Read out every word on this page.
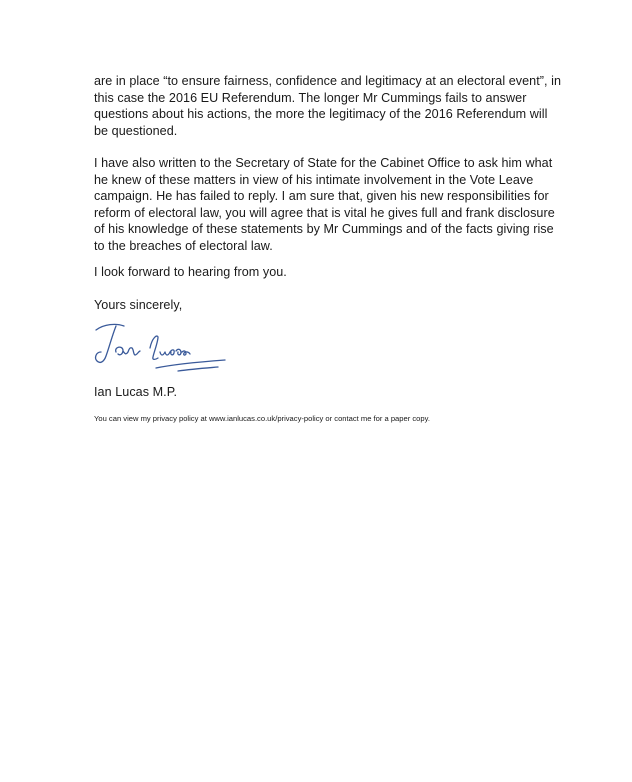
are in place “to ensure fairness, confidence and legitimacy at an electoral event”, in this case the 2016 EU Referendum. The longer Mr Cummings fails to answer questions about his actions, the more the legitimacy of the 2016 Referendum will be questioned.

I have also written to the Secretary of State for the Cabinet Office to ask him what he knew of these matters in view of his intimate involvement in the Vote Leave campaign. He has failed to reply. I am sure that, given his new responsibilities for reform of electoral law, you will agree that is vital he gives full and frank disclosure of his knowledge of these statements by Mr Cummings and of the facts giving rise to the breaches of electoral law.

I look forward to hearing from you.

Yours sincerely,

Ian Lucas M.P.

You can view my privacy policy at www.ianlucas.co.uk/privacy-policy or contact me for a paper copy.
